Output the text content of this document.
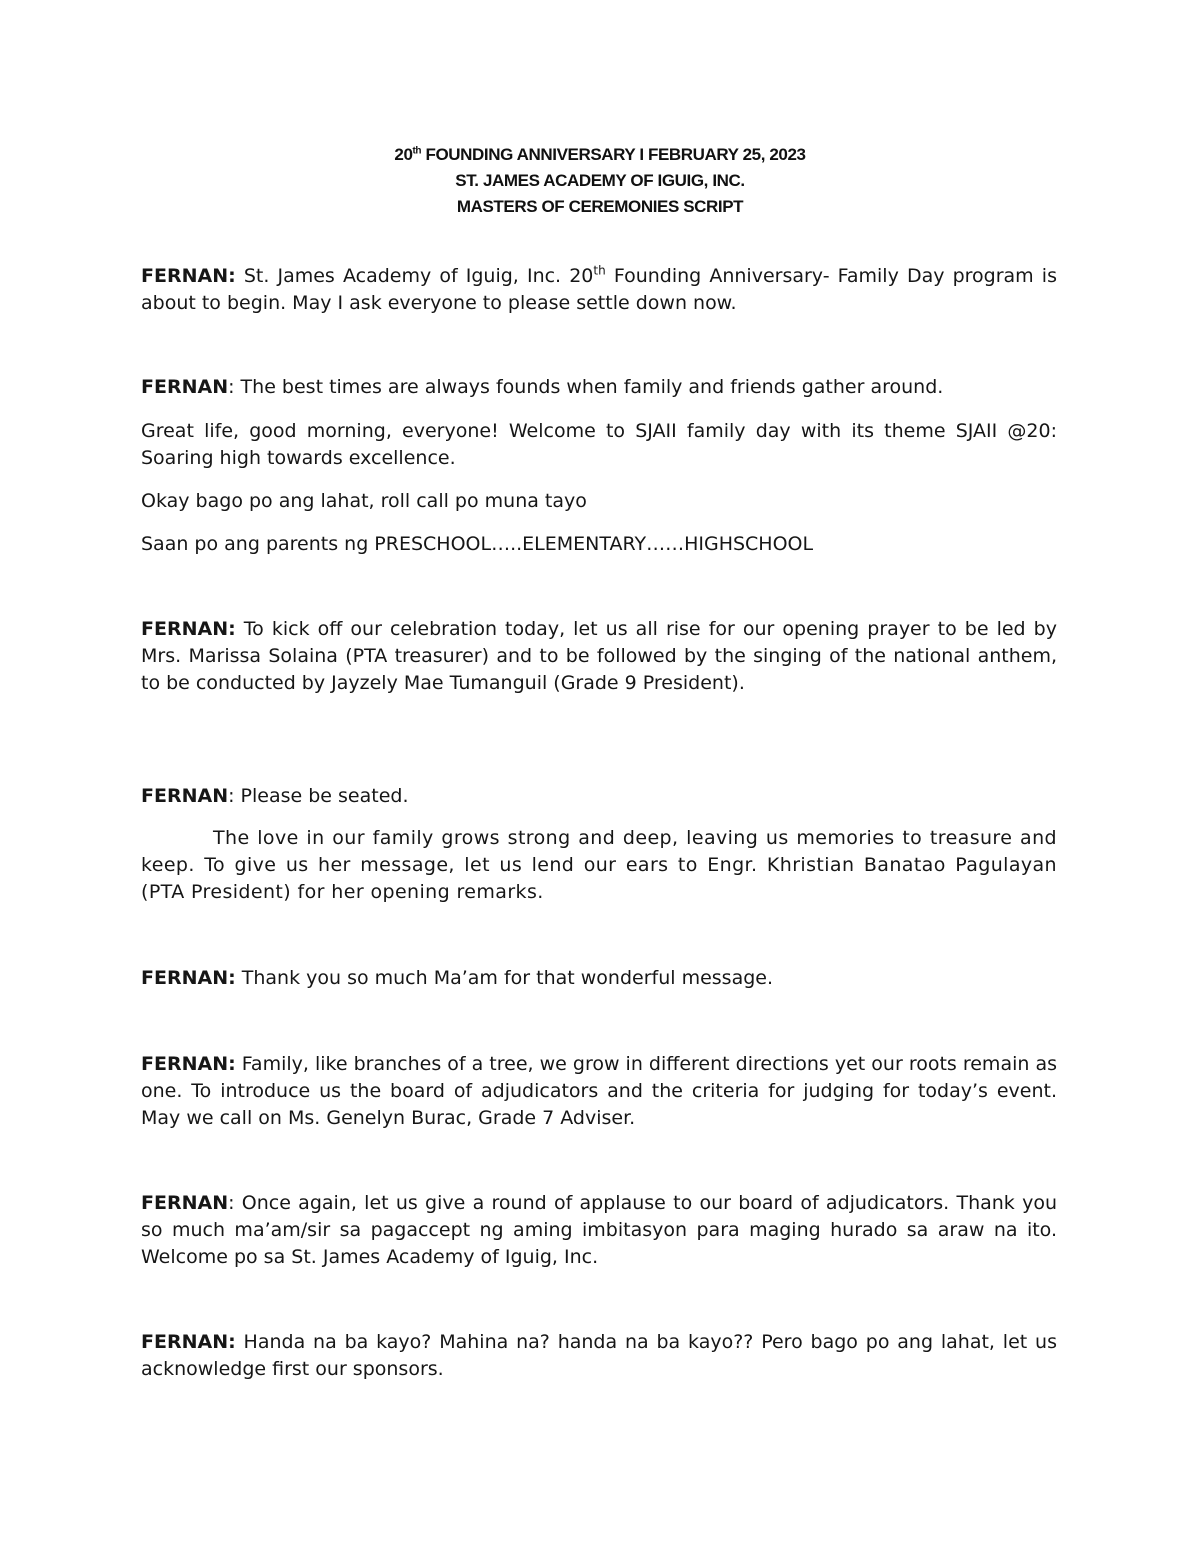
20th FOUNDING ANNIVERSARY I FEBRUARY 25, 2023
ST. JAMES ACADEMY OF IGUIG, INC.
MASTERS OF CEREMONIES SCRIPT

FERNAN: St. James Academy of Iguig, Inc. 20th Founding Anniversary- Family Day program is about to begin. May I ask everyone to please settle down now.

FERNAN: The best times are always founds when family and friends gather around.

Great life, good morning, everyone! Welcome to SJAII family day with its theme SJAII @20: Soaring high towards excellence.

Okay bago po ang lahat, roll call po muna tayo

Saan po ang parents ng PRESCHOOL…..ELEMENTARY……HIGHSCHOOL

FERNAN: To kick off our celebration today, let us all rise for our opening prayer to be led by Mrs. Marissa Solaina (PTA treasurer) and to be followed by the singing of the national anthem, to be conducted by Jayzely Mae Tumanguil (Grade 9 President).

FERNAN: Please be seated.

The love in our family grows strong and deep, leaving us memories to treasure and keep. To give us her message, let us lend our ears to Engr. Khristian Banatao Pagulayan (PTA President) for her opening remarks.

FERNAN: Thank you so much Ma’am for that wonderful message.

FERNAN: Family, like branches of a tree, we grow in different directions yet our roots remain as one. To introduce us the board of adjudicators and the criteria for judging for today’s event. May we call on Ms. Genelyn Burac, Grade 7 Adviser.

FERNAN: Once again, let us give a round of applause to our board of adjudicators. Thank you so much ma’am/sir sa pagaccept ng aming imbitasyon para maging hurado sa araw na ito. Welcome po sa St. James Academy of Iguig, Inc.

FERNAN: Handa na ba kayo? Mahina na? handa na ba kayo?? Pero bago po ang lahat, let us acknowledge first our sponsors.
